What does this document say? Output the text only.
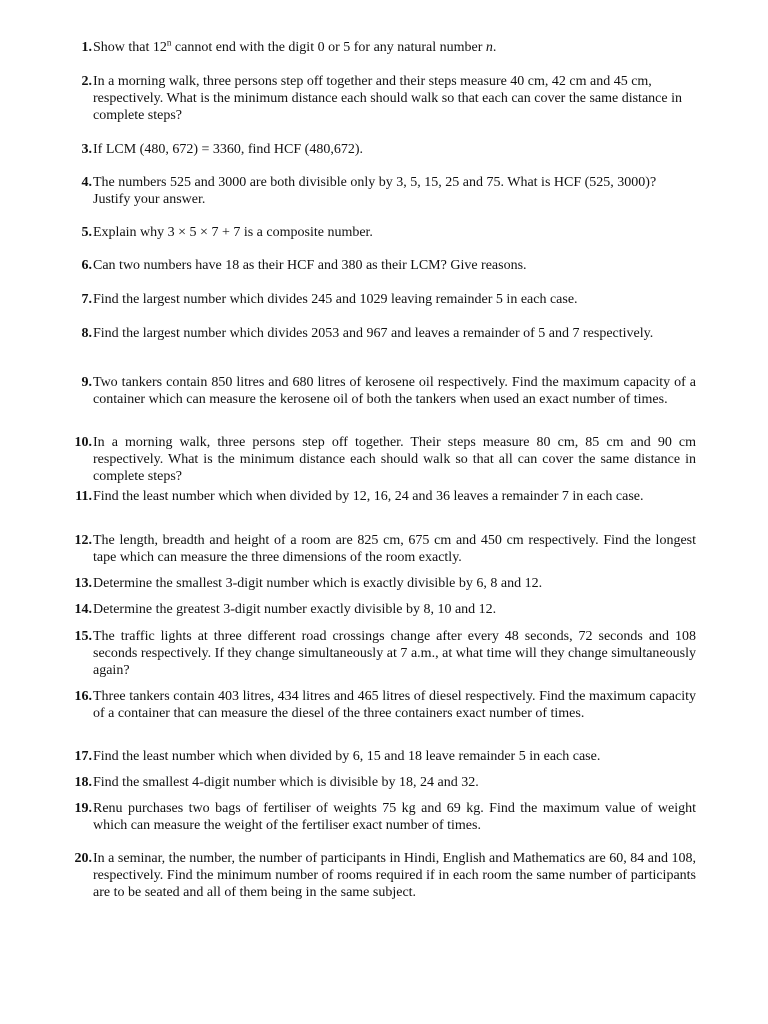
1. Show that 12$^n$ cannot end with the digit 0 or 5 for any natural number n.
2. In a morning walk, three persons step off together and their steps measure 40 cm, 42 cm and 45 cm, respectively. What is the minimum distance each should walk so that each can cover the same distance in complete steps?
3. If LCM (480, 672) = 3360, find HCF (480,672).
4. The numbers 525 and 3000 are both divisible only by 3, 5, 15, 25 and 75. What is HCF (525, 3000)? Justify your answer.
5. Explain why 3 × 5 × 7 + 7 is a composite number.
6. Can two numbers have 18 as their HCF and 380 as their LCM? Give reasons.
7. Find the largest number which divides 245 and 1029 leaving remainder 5 in each case.
8. Find the largest number which divides 2053 and 967 and leaves a remainder of 5 and 7 respectively.
9. Two tankers contain 850 litres and 680 litres of kerosene oil respectively. Find the maximum capacity of a container which can measure the kerosene oil of both the tankers when used an exact number of times.
10. In a morning walk, three persons step off together. Their steps measure 80 cm, 85 cm and 90 cm respectively. What is the minimum distance each should walk so that all can cover the same distance in complete steps?
11. Find the least number which when divided by 12, 16, 24 and 36 leaves a remainder 7 in each case.
12. The length, breadth and height of a room are 825 cm, 675 cm and 450 cm respectively. Find the longest tape which can measure the three dimensions of the room exactly.
13. Determine the smallest 3-digit number which is exactly divisible by 6, 8 and 12.
14. Determine the greatest 3-digit number exactly divisible by 8, 10 and 12.
15. The traffic lights at three different road crossings change after every 48 seconds, 72 seconds and 108 seconds respectively. If they change simultaneously at 7 a.m., at what time will they change simultaneously again?
16. Three tankers contain 403 litres, 434 litres and 465 litres of diesel respectively. Find the maximum capacity of a container that can measure the diesel of the three containers exact number of times.
17. Find the least number which when divided by 6, 15 and 18 leave remainder 5 in each case.
18. Find the smallest 4-digit number which is divisible by 18, 24 and 32.
19. Renu purchases two bags of fertiliser of weights 75 kg and 69 kg. Find the maximum value of weight which can measure the weight of the fertiliser exact number of times.
20. In a seminar, the number, the number of participants in Hindi, English and Mathematics are 60, 84 and 108, respectively. Find the minimum number of rooms required if in each room the same number of participants are to be seated and all of them being in the same subject.
